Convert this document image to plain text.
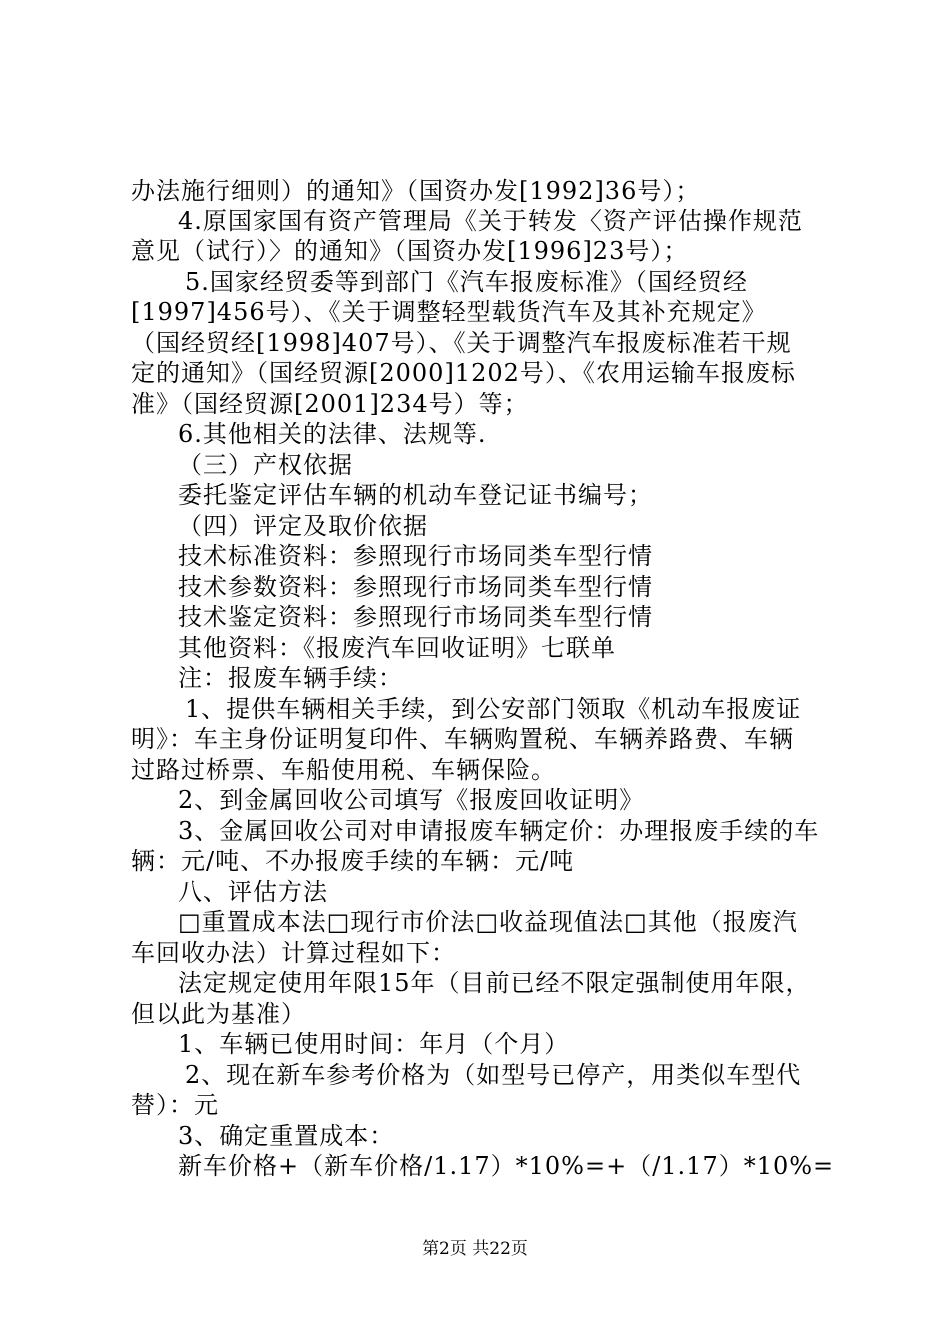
办法施行细则）的通知》（国资办发[1992]36号）；
4.原国家国有资产管理局《关于转发〈资产评估操作规范
意见（试行）〉的通知》（国资办发[1996]23号）；
5.国家经贸委等到部门《汽车报废标准》（国经贸经
[1997]456号）、《关于调整轻型载货汽车及其补充规定》
（国经贸经[1998]407号）、《关于调整汽车报废标准若干规
定的通知》（国经贸源[2000]1202号）、《农用运输车报废标
准》（国经贸源[2001]234号）等；
6.其他相关的法律、法规等.
（三）产权依据
委托鉴定评估车辆的机动车登记证书编号；
（四）评定及取价依据
技术标准资料：参照现行市场同类车型行情
技术参数资料：参照现行市场同类车型行情
技术鉴定资料：参照现行市场同类车型行情
其他资料：《报废汽车回收证明》七联单
注：报废车辆手续：
1、提供车辆相关手续，到公安部门领取《机动车报废证
明》：车主身份证明复印件、车辆购置税、车辆养路费、车辆
过路过桥票、车船使用税、车辆保险。
2、到金属回收公司填写《报废回收证明》
3、金属回收公司对申请报废车辆定价：办理报废手续的车
辆：元/吨、不办报废手续的车辆：元/吨
八、评估方法
□重置成本法□现行市价法□收益现值法□其他（报废汽
车回收办法）计算过程如下：
法定规定使用年限15年（目前已经不限定强制使用年限，
但以此为基准）
1、车辆已使用时间：年月（个月）
2、现在新车参考价格为（如型号已停产，用类似车型代
替）：元
3、确定重置成本：
新车价格+（新车价格/1.17）*10%=+（/1.17）*10%=
第2页 共22页
